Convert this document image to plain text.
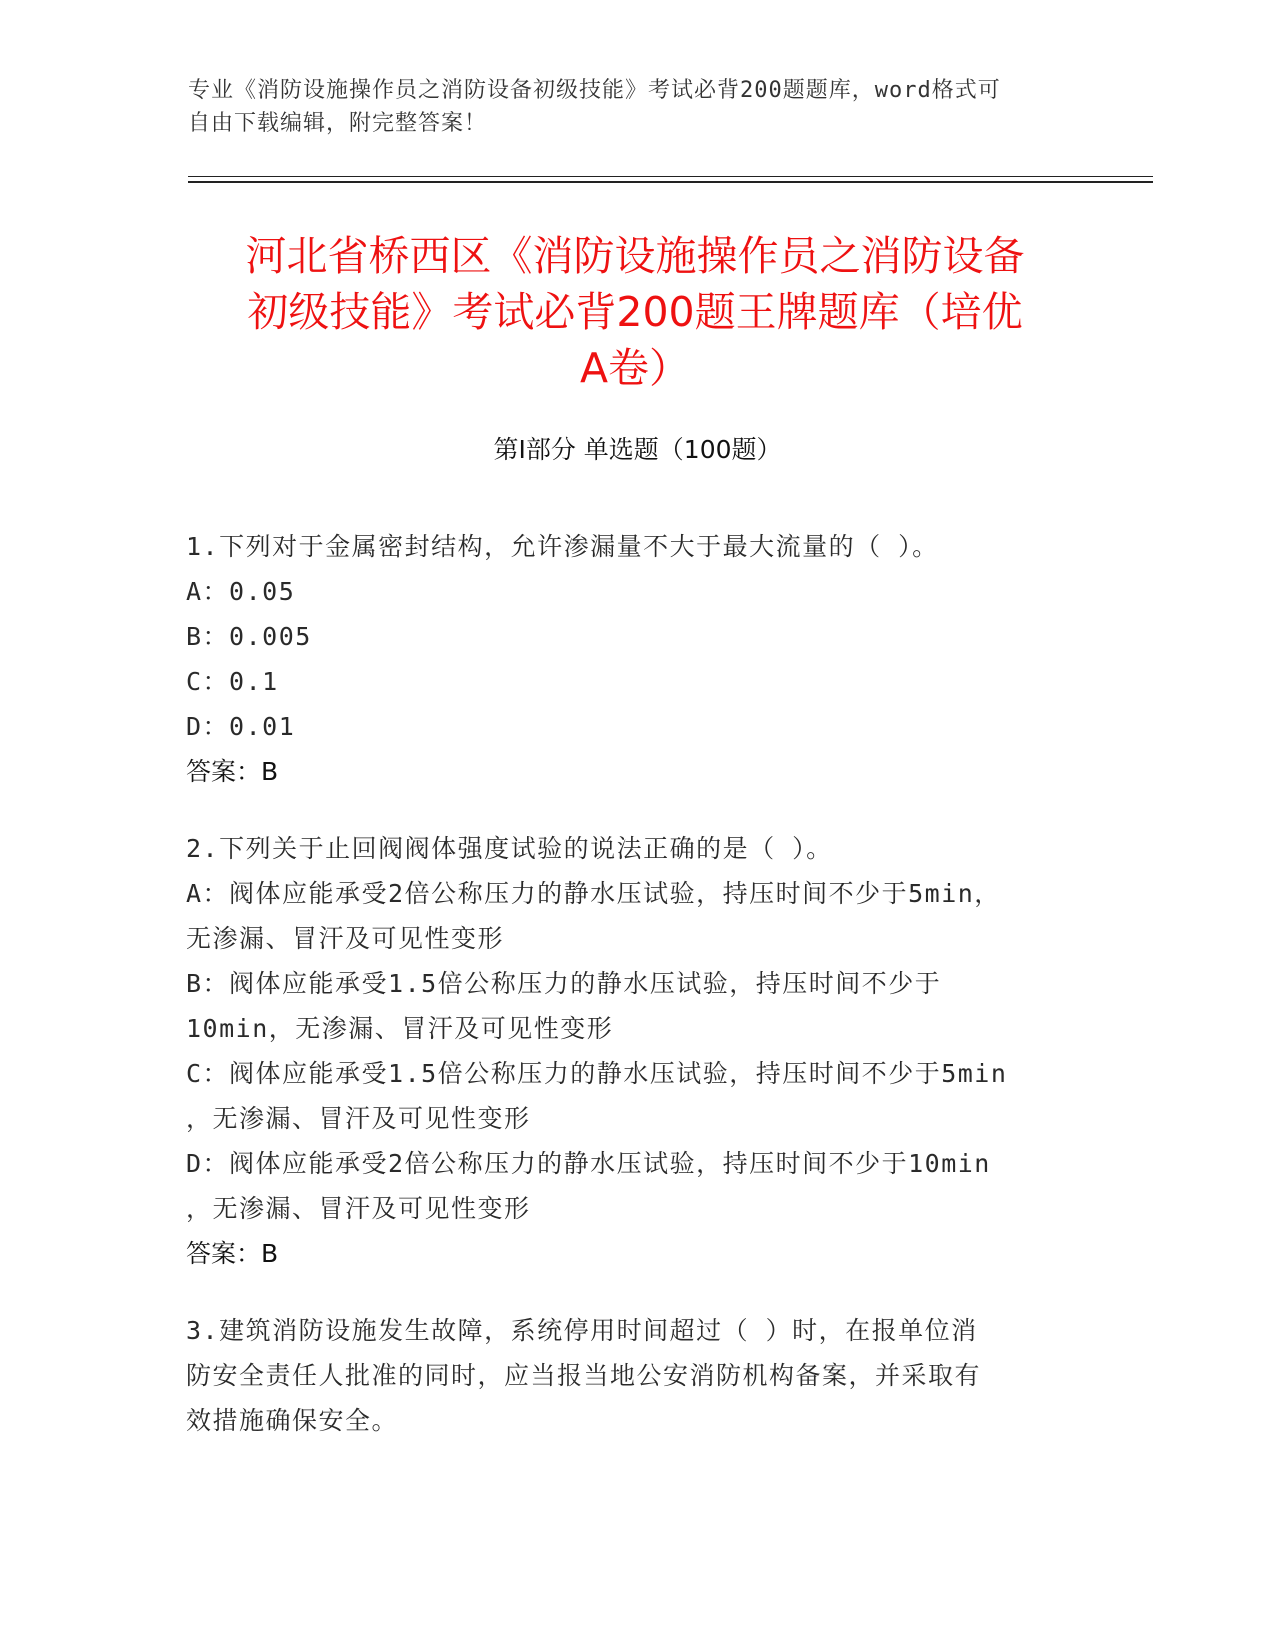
专业《消防设施操作员之消防设备初级技能》考试必背200题题库，word格式可
自由下载编辑，附完整答案！
河北省桥西区《消防设施操作员之消防设备
初级技能》考试必背200题王牌题库（培优
A卷）
第I部分 单选题（100题）

1.下列对于金属密封结构，允许渗漏量不大于最大流量的（ ）。

A：0.05

B：0.005

C：0.1

D：0.01

答案：B

2.下列关于止回阀阀体强度试验的说法正确的是（ ）。

A：阀体应能承受2倍公称压力的静水压试验，持压时间不少于5min，

无渗漏、冒汗及可见性变形

B：阀体应能承受1.5倍公称压力的静水压试验，持压时间不少于

10min，无渗漏、冒汗及可见性变形

C：阀体应能承受1.5倍公称压力的静水压试验，持压时间不少于5min

，无渗漏、冒汗及可见性变形

D：阀体应能承受2倍公称压力的静水压试验，持压时间不少于10min

，无渗漏、冒汗及可见性变形

答案：B

3.建筑消防设施发生故障，系统停用时间超过（ ）时，在报单位消

防安全责任人批准的同时，应当报当地公安消防机构备案，并采取有

效措施确保安全。
